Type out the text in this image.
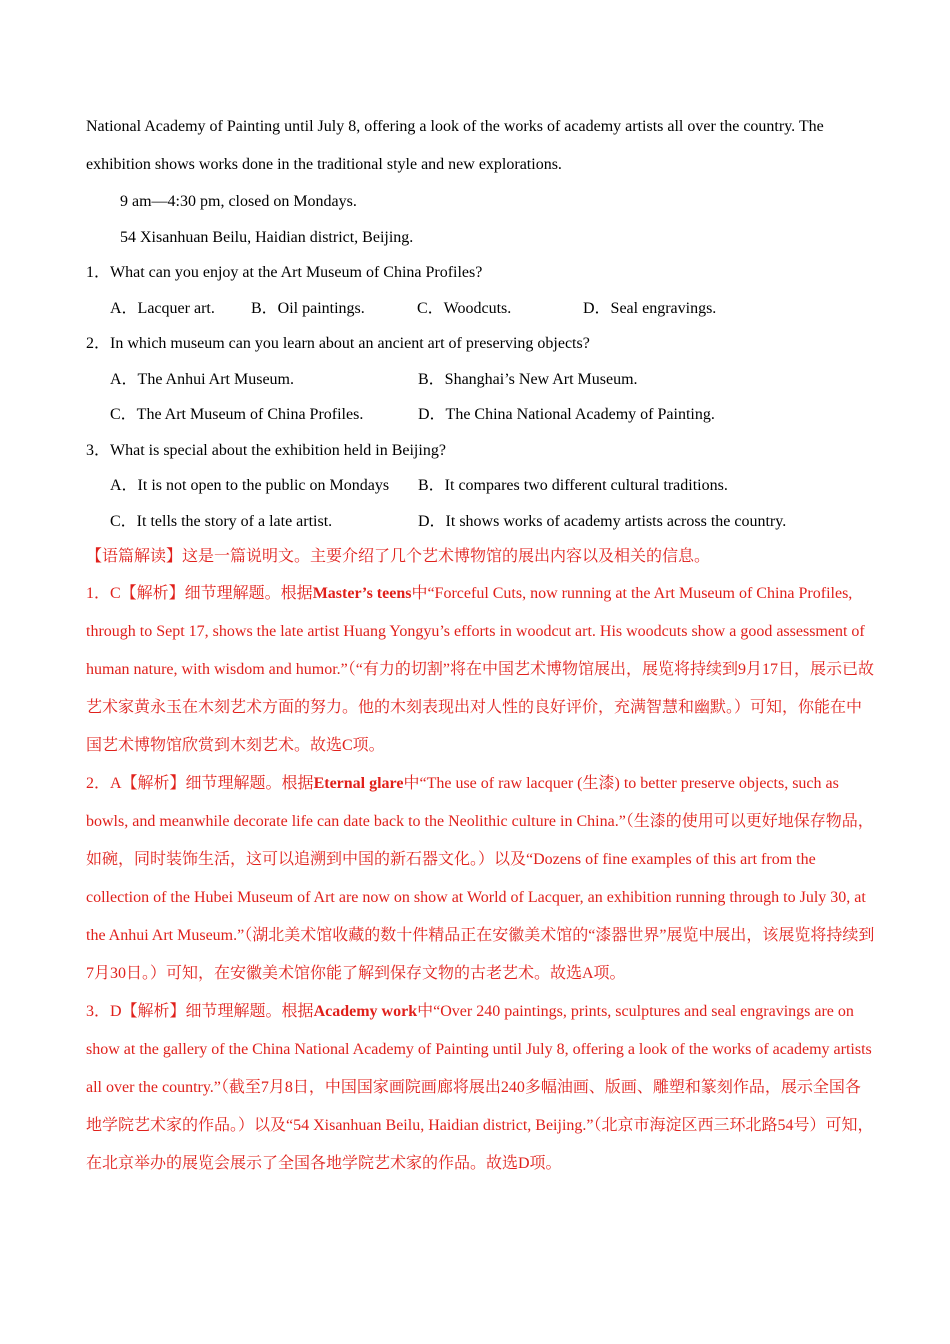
National Academy of Painting until July 8, offering a look of the works of academy artists all over the country. The exhibition shows works done in the traditional style and new explorations.

9 am—4:30 pm, closed on Mondays.

54 Xisanhuan Beilu, Haidian district, Beijing.

1．What can you enjoy at the Art Museum of China Profiles?

A．Lacquer art.	B．Oil paintings.	C．Woodcuts.	D．Seal engravings.

2．In which museum can you learn about an ancient art of preserving objects?

A．The Anhui Art Museum.	B．Shanghai’s New Art Museum.
C．The Art Museum of China Profiles.	D．The China National Academy of Painting.

3．What is special about the exhibition held in Beijing?

A．It is not open to the public on Mondays	B．It compares two different cultural traditions.
C．It tells the story of a late artist.	D．It shows works of academy artists across the country.

【语篇解读】这是一篇说明文。主要介绍了几个艺术博物馆的展出内容以及相关的信息。

1．C【解析】细节理解题。根据Master’s teens中“Forceful Cuts, now running at the Art Museum of China Profiles, through to Sept 17, shows the late artist Huang Yongyu’s efforts in woodcut art. His woodcuts show a good assessment of human nature, with wisdom and humor.”（“有力的切割”将在中国艺术博物馆展出，展览将持续到9月17日，展示已故艺术家黄永玉在木刻艺术方面的努力。他的木刻表现出对人性的良好评价，充满智慧和幽默。）可知，你能在中国艺术博物馆欣赏到木刻艺术。故选C项。

2．A【解析】细节理解题。根据Eternal glare中“The use of raw lacquer (生漆) to better preserve objects, such as bowls, and meanwhile decorate life can date back to the Neolithic culture in China.”（生漆的使用可以更好地保存物品，如碗，同时装饰生活，这可以追溯到中国的新石器文化。）以及“Dozens of fine examples of this art from the collection of the Hubei Museum of Art are now on show at World of Lacquer, an exhibition running through to July 30, at the Anhui Art Museum.”（湖北美术馆收藏的数十件精品正在安徽美术馆的“漆器世界”展览中展出，该展览将持续到7月30日。）可知，在安徽美术馆你能了解到保存文物的古老艺术。故选A项。

3．D【解析】细节理解题。根据Academy work中“Over 240 paintings, prints, sculptures and seal engravings are on show at the gallery of the China National Academy of Painting until July 8, offering a look of the works of academy artists all over the country.”（截至7月8日，中国国家画院画廊将展出240多幅油画、版画、雕塑和篆刻作品，展示全国各地学院艺术家的作品。）以及“54 Xisanhuan Beilu, Haidian district, Beijing.”（北京市海淀区西三环北路54号）可知，在北京举办的展览会展示了全国各地学院艺术家的作品。故选D项。
